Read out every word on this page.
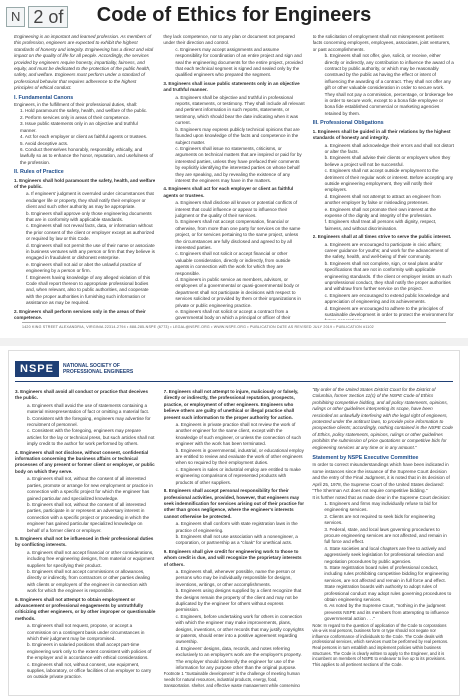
N 2 of	Code of Ethics for Engineers
Engineering is an important and learned profession. As members of this profession, engineers are expected to exhibit the highest standards of honesty and integrity. Engineering has a direct and vital impact on the quality of life for all people. Accordingly, the services provided by engineers require honesty, impartiality, fairness, and equity, and must be dedicated to the protection of the public health, safety, and welfare. Engineers must perform under a standard of professional behavior that requires adherence to the highest principles of ethical conduct.
I. Fundamental Canons
Engineers, in the fulfillment of their professional duties, shall:
1. Hold paramount the safety, health, and welfare of the public.
2. Perform services only in areas of their competence.
3. Issue public statements only in an objective and truthful manner.
4. Act for each employer or client as faithful agents or trustees.
5. Avoid deceptive acts.
6. Conduct themselves honorably, responsibly, ethically, and lawfully so as to enhance the honor, reputation, and usefulness of the profession.
II. Rules of Practice
1. Engineers shall hold paramount the safety, health, and welfare of the public.
a. If engineers' judgment is overruled under circumstances that endanger life or property, they shall notify their employer or client and such other authority as may be appropriate.
b. Engineers shall approve only those engineering documents that are in conformity with applicable standards.
c. Engineers shall not reveal facts, data, or information without the prior consent of the client or employer except as authorized or required by law or this Code.
d. Engineers shall not permit the use of their name or associate in business ventures with any person or firm that they believe is engaged in fraudulent or dishonest enterprise.
e. Engineers shall not aid or abet the unlawful practice of engineering by a person or firm.
f. Engineers having knowledge of any alleged violation of this Code shall report thereon to appropriate professional bodies and, when relevant, also to public authorities, and cooperate with the proper authorities in furnishing such information or assistance as may be required.
2. Engineers shall perform services only in the areas of their competence.
they lack competence, nor to any plan or document not prepared under their direction and control.
c. Engineers may accept assignments and assume responsibility for coordination of an entire project and sign and seal the engineering documents for the entire project, provided that each technical segment is signed and sealed only by the qualified engineers who prepared the segment.
3. Engineers shall issue public statements only in an objective and truthful manner.
a. Engineers shall be objective and truthful in professional reports, statements, or testimony. They shall include all relevant and pertinent information in such reports, statements, or testimony, which should bear the date indicating when it was current.
b. Engineers may express publicly technical opinions that are founded upon knowledge of the facts and competence in the subject matter.
c. Engineers shall issue no statements, criticisms, or arguments on technical matters that are inspired or paid for by interested parties, unless they have prefaced their comments by explicitly identifying the interested parties on whose behalf they are speaking, and by revealing the existence of any interest the engineers may have in the matters.
4. Engineers shall act for each employer or client as faithful agents or trustees.
a. Engineers shall disclose all known or potential conflicts of interest that could influence or appear to influence their judgment or the quality of their services.
b. Engineers shall not accept compensation, financial or otherwise, from more than one party for services on the same project, or for services pertaining to the same project, unless the circumstances are fully disclosed and agreed to by all interested parties.
c. Engineers shall not solicit or accept financial or other valuable consideration, directly or indirectly, from outside agents in connection with the work for which they are responsible.
d. Engineers in public service as members, advisors, or employees of a governmental or quasi-governmental body or department shall not participate in decisions with respect to services solicited or provided by them or their organizations in private or public engineering practice.
e. Engineers shall not solicit or accept a contract from a governmental body on which a principal or officer of their
to the solicitation of employment shall not misrepresent pertinent facts concerning employers, employees, associates, joint venturers, or past accomplishments.
b. Engineers shall not offer, give, solicit, or receive, either directly or indirectly, any contribution to influence the award of a contract by public authority, or which may be reasonably construed by the public as having the effect or intent of influencing the awarding of a contract. They shall not offer any gift or other valuable consideration in order to secure work. They shall not pay a commission, percentage, or brokerage fee in order to secure work, except to a bona fide employee or bona fide established commercial or marketing agencies retained by them.
III. Professional Obligations
1. Engineers shall be guided in all their relations by the highest standards of honesty and integrity.
a. Engineers shall acknowledge their errors and shall not distort or alter the facts.
b. Engineers shall advise their clients or employers when they believe a project will not be successful.
c. Engineers shall not accept outside employment to the detriment of their regular work or interest. Before accepting any outside engineering employment, they will notify their employers.
d. Engineers shall not attempt to attract an engineer from another employer by false or misleading pretenses.
e. Engineers shall not promote their own interest at the expense of the dignity and integrity of the profession.
f. Engineers shall treat all persons with dignity, respect, fairness, and without discrimination.
2. Engineers shall at all times strive to serve the public interest.
a. Engineers are encouraged to participate in civic affairs; career guidance for youths; and work for the advancement of the safety, health, and well-being of their community.
b. Engineers shall not complete, sign, or seal plans and/or specifications that are not in conformity with applicable engineering standards. If the client or employer insists on such unprofessional conduct, they shall notify the proper authorities and withdraw from further service on the project.
c. Engineers are encouraged to extend public knowledge and appreciation of engineering and its achievements.
d. Engineers are encouraged to adhere to the principles of sustainable development in order to protect the environment for
1420 KING STREET ALEXANDRIA, VIRGINIA 22314-2794 • 888-285-NSPE (6773) • LEGAL@NSPE.ORG • WWW.NSPE.ORG • PUBLICATION DATE AS REVISED JULY 2019 • PUBLICATION #1102
NSPE	NATIONAL SOCIETY OF
PROFESSIONAL ENGINEERS
3. Engineers shall avoid all conduct or practice that deceives the public.
a. Engineers shall avoid the use of statements containing a material misrepresentation of fact or omitting a material fact.
b. Consistent with the foregoing, engineers may advertise for recruitment of personnel.
c. Consistent with the foregoing, engineers may prepare articles for the lay or technical press, but such articles shall not imply credit to the author for work performed by others.
4. Engineers shall not disclose, without consent, confidential information concerning the business affairs or technical processes of any present or former client or employer, or public body on which they serve.
a. Engineers shall not, without the consent of all interested parties, promote or arrange for new employment or practice in connection with a specific project for which the engineer has gained particular and specialized knowledge.
b. Engineers shall not, without the consent of all interested parties, participate in or represent an adversary interest in connection with a specific project or proceeding in which the engineer has gained particular specialized knowledge on behalf of a former client or employer.
5. Engineers shall not be influenced in their professional duties by conflicting interests.
a. Engineers shall not accept financial or other considerations, including free engineering designs, from material or equipment suppliers for specifying their product.
b. Engineers shall not accept commissions or allowances, directly or indirectly, from contractors or other parties dealing with clients or employers of the engineer in connection with work for which the engineer is responsible.
6. Engineers shall not attempt to obtain employment or advancement or professional engagements by untruthfully criticizing other engineers, or by other improper or questionable methods.
a. Engineers shall not request, propose, or accept a commission on a contingent basis under circumstances in which their judgment may be compromised.
b. Engineers in salaried positions shall accept part-time engineering work only to the extent consistent with policies of the employer and in accordance with ethical considerations.
c. Engineers shall not, without consent, use equipment, supplies, laboratory, or office facilities of an employer to carry on outside private practice.
7. Engineers shall not attempt to injure, maliciously or falsely, directly or indirectly, the professional reputation, prospects, practice, or employment of other engineers. Engineers who believe others are guilty of unethical or illegal practice shall present such information to the proper authority for action.
a. Engineers in private practice shall not review the work of another engineer for the same client, except with the knowledge of such engineer, or unless the connection of such engineer with the work has been terminated.
b. Engineers in governmental, industrial, or educational employ are entitled to review and evaluate the work of other engineers when so required by their employment duties.
c. Engineers in sales or industrial employ are entitled to make engineering comparisons of represented products with products of other suppliers.
8. Engineers shall accept personal responsibility for their professional activities, provided, however, that engineers may seek indemnification for services arising out of their practice for other than gross negligence, where the engineer's interests cannot otherwise be protected.
a. Engineers shall conform with state registration laws in the practice of engineering.
b. Engineers shall not use association with a nonengineer, a corporation, or partnership as a "cloak" for unethical acts.
9. Engineers shall give credit for engineering work to those to whom credit is due, and will recognize the proprietary interests of others.
a. Engineers shall, whenever possible, name the person or persons who may be individually responsible for designs, inventions, writings, or other accomplishments.
b. Engineers using designs supplied by a client recognize that the designs remain the property of the client and may not be duplicated by the engineer for others without express permission.
c. Engineers, before undertaking work for others in connection with which the engineer may make improvements, plans, designs, inventions, or other records that may justify copyrights or patents, should enter into a positive agreement regarding ownership.
d. Engineers' designs, data, records, and notes referring exclusively to an employer's work are the employer's property. The employer should indemnify the engineer for use of the information for any purpose other than the original purpose.
Footnote 1 "Sustainable development" is the challenge of meeting human needs for natural resources, industrial products, energy, food, transportation, shelter, and effective waste management while conserving
"By order of the United States District Court for the District of Columbia, former Section 11(c) of the NSPE Code of Ethics prohibiting competitive bidding, and all policy statements, opinions, rulings or other guidelines interpreting its scope, have been rescinded as unlawfully interfering with the legal right of engineers, protected under the antitrust laws, to provide price information to prospective clients; accordingly, nothing contained in the NSPE Code of Ethics, policy statements, opinions, rulings or other guidelines prohibits the submission of price quotations or competitive bids for engineering services at any time or in any amount."
Statement by NSPE Executive Committee
In order to correct misunderstandings which have been indicated in some instances since the issuance of the Supreme Court decision and the entry of the Final Judgment, it is noted that in its decision of April 25, 1978, the Supreme Court of the United States declared: "The Sherman Act does not require competitive bidding."
It is further noted that as made clear in the Supreme Court decision:
1. Engineers and firms may individually refuse to bid for engineering services.
2. Clients are not required to seek bids for engineering services.
3. Federal, state, and local laws governing procedures to procure engineering services are not affected, and remain in full force and effect.
4. State societies and local chapters are free to actively and aggressively seek legislation for professional selection and negotiation procedures by public agencies.
5. State registration board rules of professional conduct, including rules prohibiting competitive bidding for engineering services, are not affected and remain in full force and effect. State registration boards with authority to adopt rules of professional conduct may adopt rules governing procedures to obtain engineering services.
6. As noted by the Supreme Court, "nothing in the judgment prevents NSPE and its members from attempting to influence governmental action . . ."
Note: In regard to the question of application of the Code to corporations vis-a-vis real persons, business form or type should not negate nor influence conformance of individuals to the Code. The Code deals with professional services, which services must be performed by real persons. Real persons in turn establish and implement policies within business structures. The Code is clearly written to apply to the Engineer, and it is incumbent on members of NSPE to endeavor to live up to its provisions. This applies to all pertinent sections of the Code.
